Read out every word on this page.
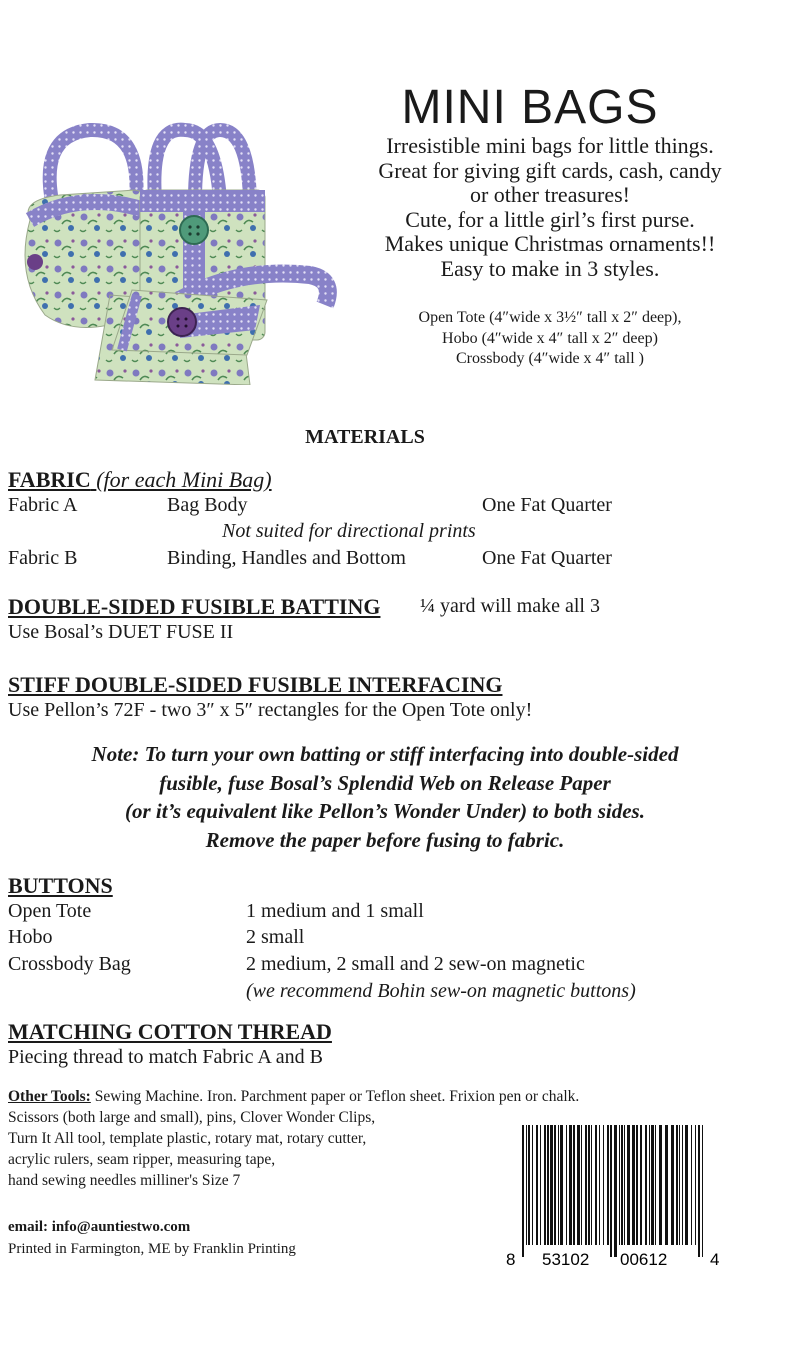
MINI BAGS
Irresistible mini bags for little things.
Great for giving gift cards, cash, candy
or other treasures!
Cute, for a little girl’s first purse.
Makes unique Christmas ornaments!!
Easy to make in 3 styles.
Open Tote (4″wide x 3½″ tall x 2″ deep),
Hobo (4″wide x 4″ tall x 2″ deep)
Crossbody (4″wide x 4″ tall )
MATERIALS
FABRIC (for each Mini Bag)
Fabric A	Bag Body	One Fat Quarter
Not suited for directional prints
Fabric B	Binding, Handles and Bottom	One Fat Quarter
DOUBLE-SIDED FUSIBLE BATTING ¼ yard will make all 3
Use Bosal’s DUET FUSE II
STIFF DOUBLE-SIDED FUSIBLE INTERFACING
Use Pellon’s 72F - two 3″ x 5″ rectangles for the Open Tote only!
Note: To turn your own batting or stiff interfacing into double-sided
fusible, fuse Bosal’s Splendid Web on Release Paper
(or it’s equivalent like Pellon’s Wonder Under) to both sides.
Remove the paper before fusing to fabric.
BUTTONS
Open Tote	1 medium and 1 small
Hobo	2 small
Crossbody Bag	2 medium, 2 small and 2 sew-on magnetic
(we recommend Bohin sew-on magnetic buttons)
MATCHING COTTON THREAD
Piecing thread to match Fabric A and B
Other Tools: Sewing Machine. Iron. Parchment paper or Teflon sheet. Frixion pen or chalk.
Scissors (both large and small), pins, Clover Wonder Clips,
Turn It All tool, template plastic, rotary mat, rotary cutter,
acrylic rulers, seam ripper, measuring tape,
hand sewing needles milliner's Size 7
email: info@auntiestwo.com
Printed in Farmington, ME by Franklin Printing
8 53102 00612	4
